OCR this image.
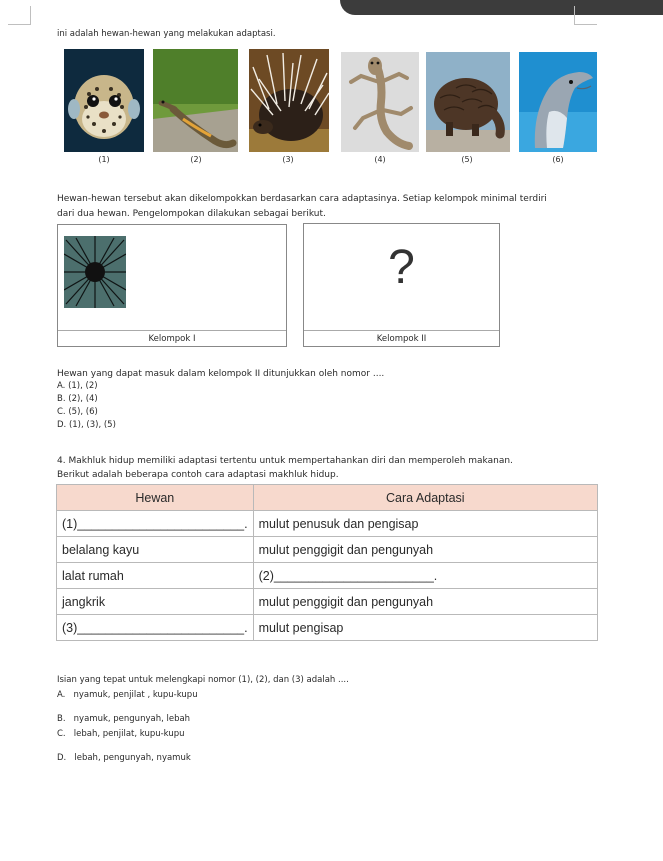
ini adalah hewan-hewan yang melakukan adaptasi.
(1)	(2)	(3)	(4)	(5)	(6)
Hewan-hewan tersebut akan dikelompokkan berdasarkan cara adaptasinya. Setiap kelompok minimal terdiri
dari dua hewan. Pengelompokan dilakukan sebagai berikut.
Kelompok I
?
Kelompok II
Hewan yang dapat masuk dalam kelompok II ditunjukkan oleh nomor ....
A. (1), (2)
B. (2), (4)
C. (5), (6)
D. (1), (3), (5)
4. Makhluk hidup memiliki adaptasi tertentu untuk mempertahankan diri dan memperoleh makanan.
Berikut adalah beberapa contoh cara adaptasi makhluk hidup.
Hewan	Cara Adaptasi
(1)________________________.	mulut penusuk dan pengisap
belalang kayu	mulut penggigit dan pengunyah
lalat rumah	(2)_______________________.
jangkrik	mulut penggigit dan pengunyah
(3)________________________.	mulut pengisap
Isian yang tepat untuk melengkapi nomor (1), (2), dan (3) adalah ....
A. nyamuk, penjilat , kupu-kupu
B. nyamuk, pengunyah, lebah
C. lebah, penjilat, kupu-kupu
D. lebah, pengunyah, nyamuk
